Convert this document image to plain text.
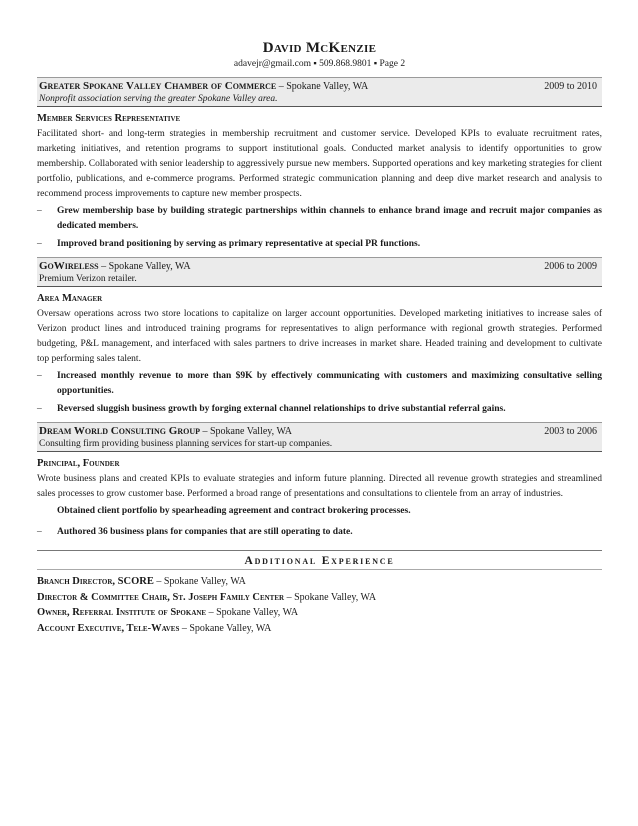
David McKenzie
adavejr@gmail.com ▪ 509.868.9801 ▪ Page 2
Greater Spokane Valley Chamber of Commerce – Spokane Valley, WA	2009 to 2010
Nonprofit association serving the greater Spokane Valley area.
Member Services Representative
Facilitated short- and long-term strategies in membership recruitment and customer service. Developed KPIs to evaluate recruitment rates, marketing initiatives, and retention programs to support institutional goals. Conducted market analysis to identify opportunities to grow membership. Collaborated with senior leadership to aggressively pursue new members. Supported operations and key marketing strategies for client portfolio, publications, and e-commerce programs. Performed strategic communication planning and deep dive market research and analysis to recommend process improvements to capture new member prospects.
–	Grew membership base by building strategic partnerships within channels to enhance brand image and recruit major companies as dedicated members.
–	Improved brand positioning by serving as primary representative at special PR functions.
GoWireless – Spokane Valley, WA	2006 to 2009
Premium Verizon retailer.
Area Manager
Oversaw operations across two store locations to capitalize on larger account opportunities. Developed marketing initiatives to increase sales of Verizon product lines and introduced training programs for representatives to align performance with regional growth strategies. Performed budgeting, P&L management, and interfaced with sales partners to drive increases in market share. Headed training and development to cultivate top performing sales talent.
–	Increased monthly revenue to more than $9K by effectively communicating with customers and maximizing consultative selling opportunities.
–	Reversed sluggish business growth by forging external channel relationships to drive substantial referral gains.
Dream World Consulting Group – Spokane Valley, WA	2003 to 2006
Consulting firm providing business planning services for start-up companies.
Principal, Founder
Wrote business plans and created KPIs to evaluate strategies and inform future planning. Directed all revenue growth strategies and streamlined sales processes to grow customer base. Performed a broad range of presentations and consultations to clientele from an array of industries.
Obtained client portfolio by spearheading agreement and contract brokering processes.
–	Authored 36 business plans for companies that are still operating to date.
Additional Experience
Branch Director, SCORE – Spokane Valley, WA
Director & Committee Chair, St. Joseph Family Center – Spokane Valley, WA
Owner, Referral Institute of Spokane – Spokane Valley, WA
Account Executive, Tele-Waves – Spokane Valley, WA
